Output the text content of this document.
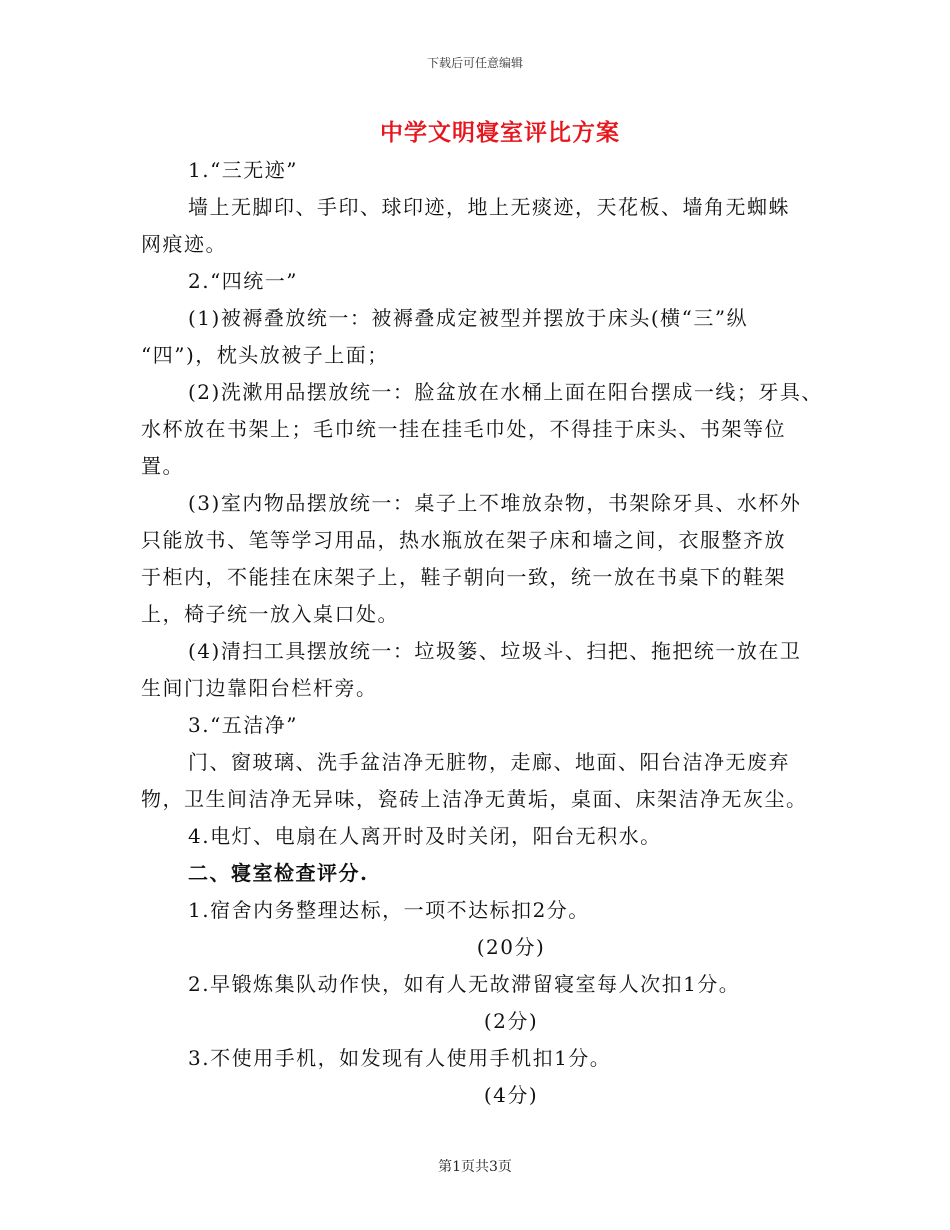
下载后可任意编辑
中学文明寝室评比方案
1.“三无迹”
墙上无脚印、手印、球印迹，地上无痰迹，天花板、墙角无蜘蛛
网痕迹。
2.“四统一”
(1)被褥叠放统一：被褥叠成定被型并摆放于床头(横“三”纵
“四”)，枕头放被子上面；
(2)洗漱用品摆放统一：脸盆放在水桶上面在阳台摆成一线；牙具、
水杯放在书架上；毛巾统一挂在挂毛巾处，不得挂于床头、书架等位
置。
(3)室内物品摆放统一：桌子上不堆放杂物，书架除牙具、水杯外
只能放书、笔等学习用品，热水瓶放在架子床和墙之间，衣服整齐放
于柜内，不能挂在床架子上，鞋子朝向一致，统一放在书桌下的鞋架
上，椅子统一放入桌口处。
(4)清扫工具摆放统一：垃圾篓、垃圾斗、扫把、拖把统一放在卫
生间门边靠阳台栏杆旁。
3.“五洁净”
门、窗玻璃、洗手盆洁净无脏物，走廊、地面、阳台洁净无废弃
物，卫生间洁净无异味，瓷砖上洁净无黄垢，桌面、床架洁净无灰尘。
4.电灯、电扇在人离开时及时关闭，阳台无积水。
二、寝室检查评分.
1.宿舍内务整理达标，一项不达标扣2分。
(20分)
2.早锻炼集队动作快，如有人无故滞留寝室每人次扣1分。
(2分)
3.不使用手机，如发现有人使用手机扣1分。
(4分)
第1页共3页
